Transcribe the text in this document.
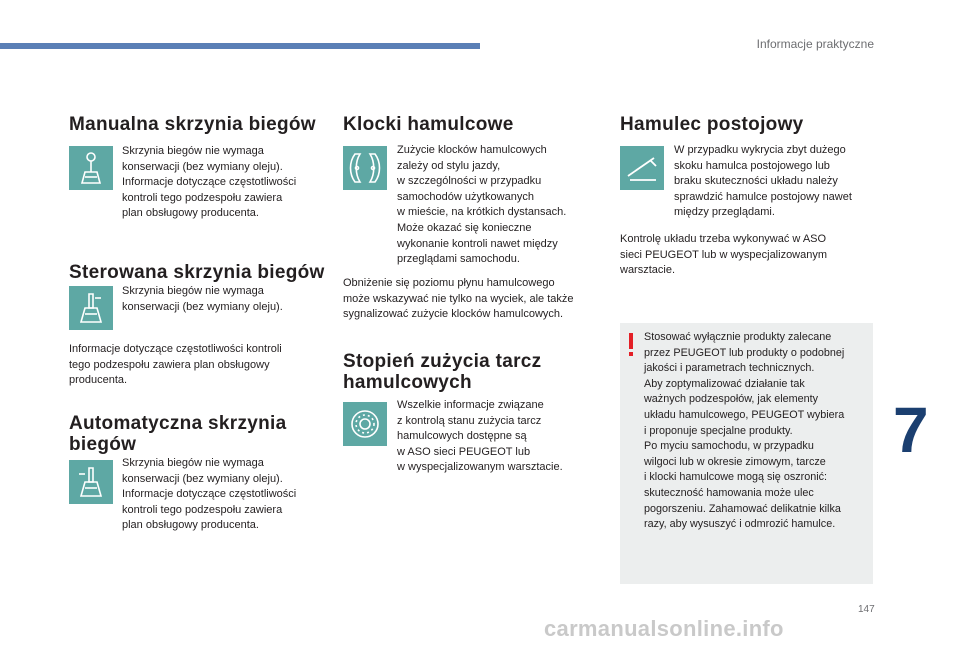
Informacje praktyczne
Manualna skrzynia biegów

Skrzynia biegów nie wymaga
konserwacji (bez wymiany oleju).
Informacje dotyczące częstotliwości
kontroli tego podzespołu zawiera
plan obsługowy producenta.

Sterowana skrzynia biegów

Skrzynia biegów nie wymaga
konserwacji (bez wymiany oleju).

Informacje dotyczące częstotliwości kontroli
tego podzespołu zawiera plan obsługowy
producenta.

Automatyczna skrzynia
biegów

Skrzynia biegów nie wymaga
konserwacji (bez wymiany oleju).
Informacje dotyczące częstotliwości
kontroli tego podzespołu zawiera
plan obsługowy producenta.

Klocki hamulcowe

Zużycie klocków hamulcowych
zależy od stylu jazdy,
w szczególności w przypadku
samochodów użytkowanych
w mieście, na krótkich dystansach.
Może okazać się konieczne
wykonanie kontroli nawet między
przeglądami samochodu.

Obniżenie się poziomu płynu hamulcowego
może wskazywać nie tylko na wyciek, ale także
sygnalizować zużycie klocków hamulcowych.

Stopień zużycia tarcz
hamulcowych

Wszelkie informacje związane
z kontrolą stanu zużycia tarcz
hamulcowych dostępne są
w ASO sieci PEUGEOT lub
w wyspecjalizowanym warsztacie.

Hamulec postojowy

W przypadku wykrycia zbyt dużego
skoku hamulca postojowego lub
braku skuteczności układu należy
sprawdzić hamulce postojowy nawet
między przeglądami.

Kontrolę układu trzeba wykonywać w ASO
sieci PEUGEOT lub w wyspecjalizowanym
warsztacie.

Stosować wyłącznie produkty zalecane
przez PEUGEOT lub produkty o podobnej
jakości i parametrach technicznych.
Aby zoptymalizować działanie tak
ważnych podzespołów, jak elementy
układu hamulcowego, PEUGEOT wybiera
i proponuje specjalne produkty.
Po myciu samochodu, w przypadku
wilgoci lub w okresie zimowym, tarcze
i klocki hamulcowe mogą się oszronić:
skuteczność hamowania może ulec
pogorszeniu. Zahamować delikatnie kilka
razy, aby wysuszyć i odmrozić hamulce.

7
147
carmanualsonline.info
